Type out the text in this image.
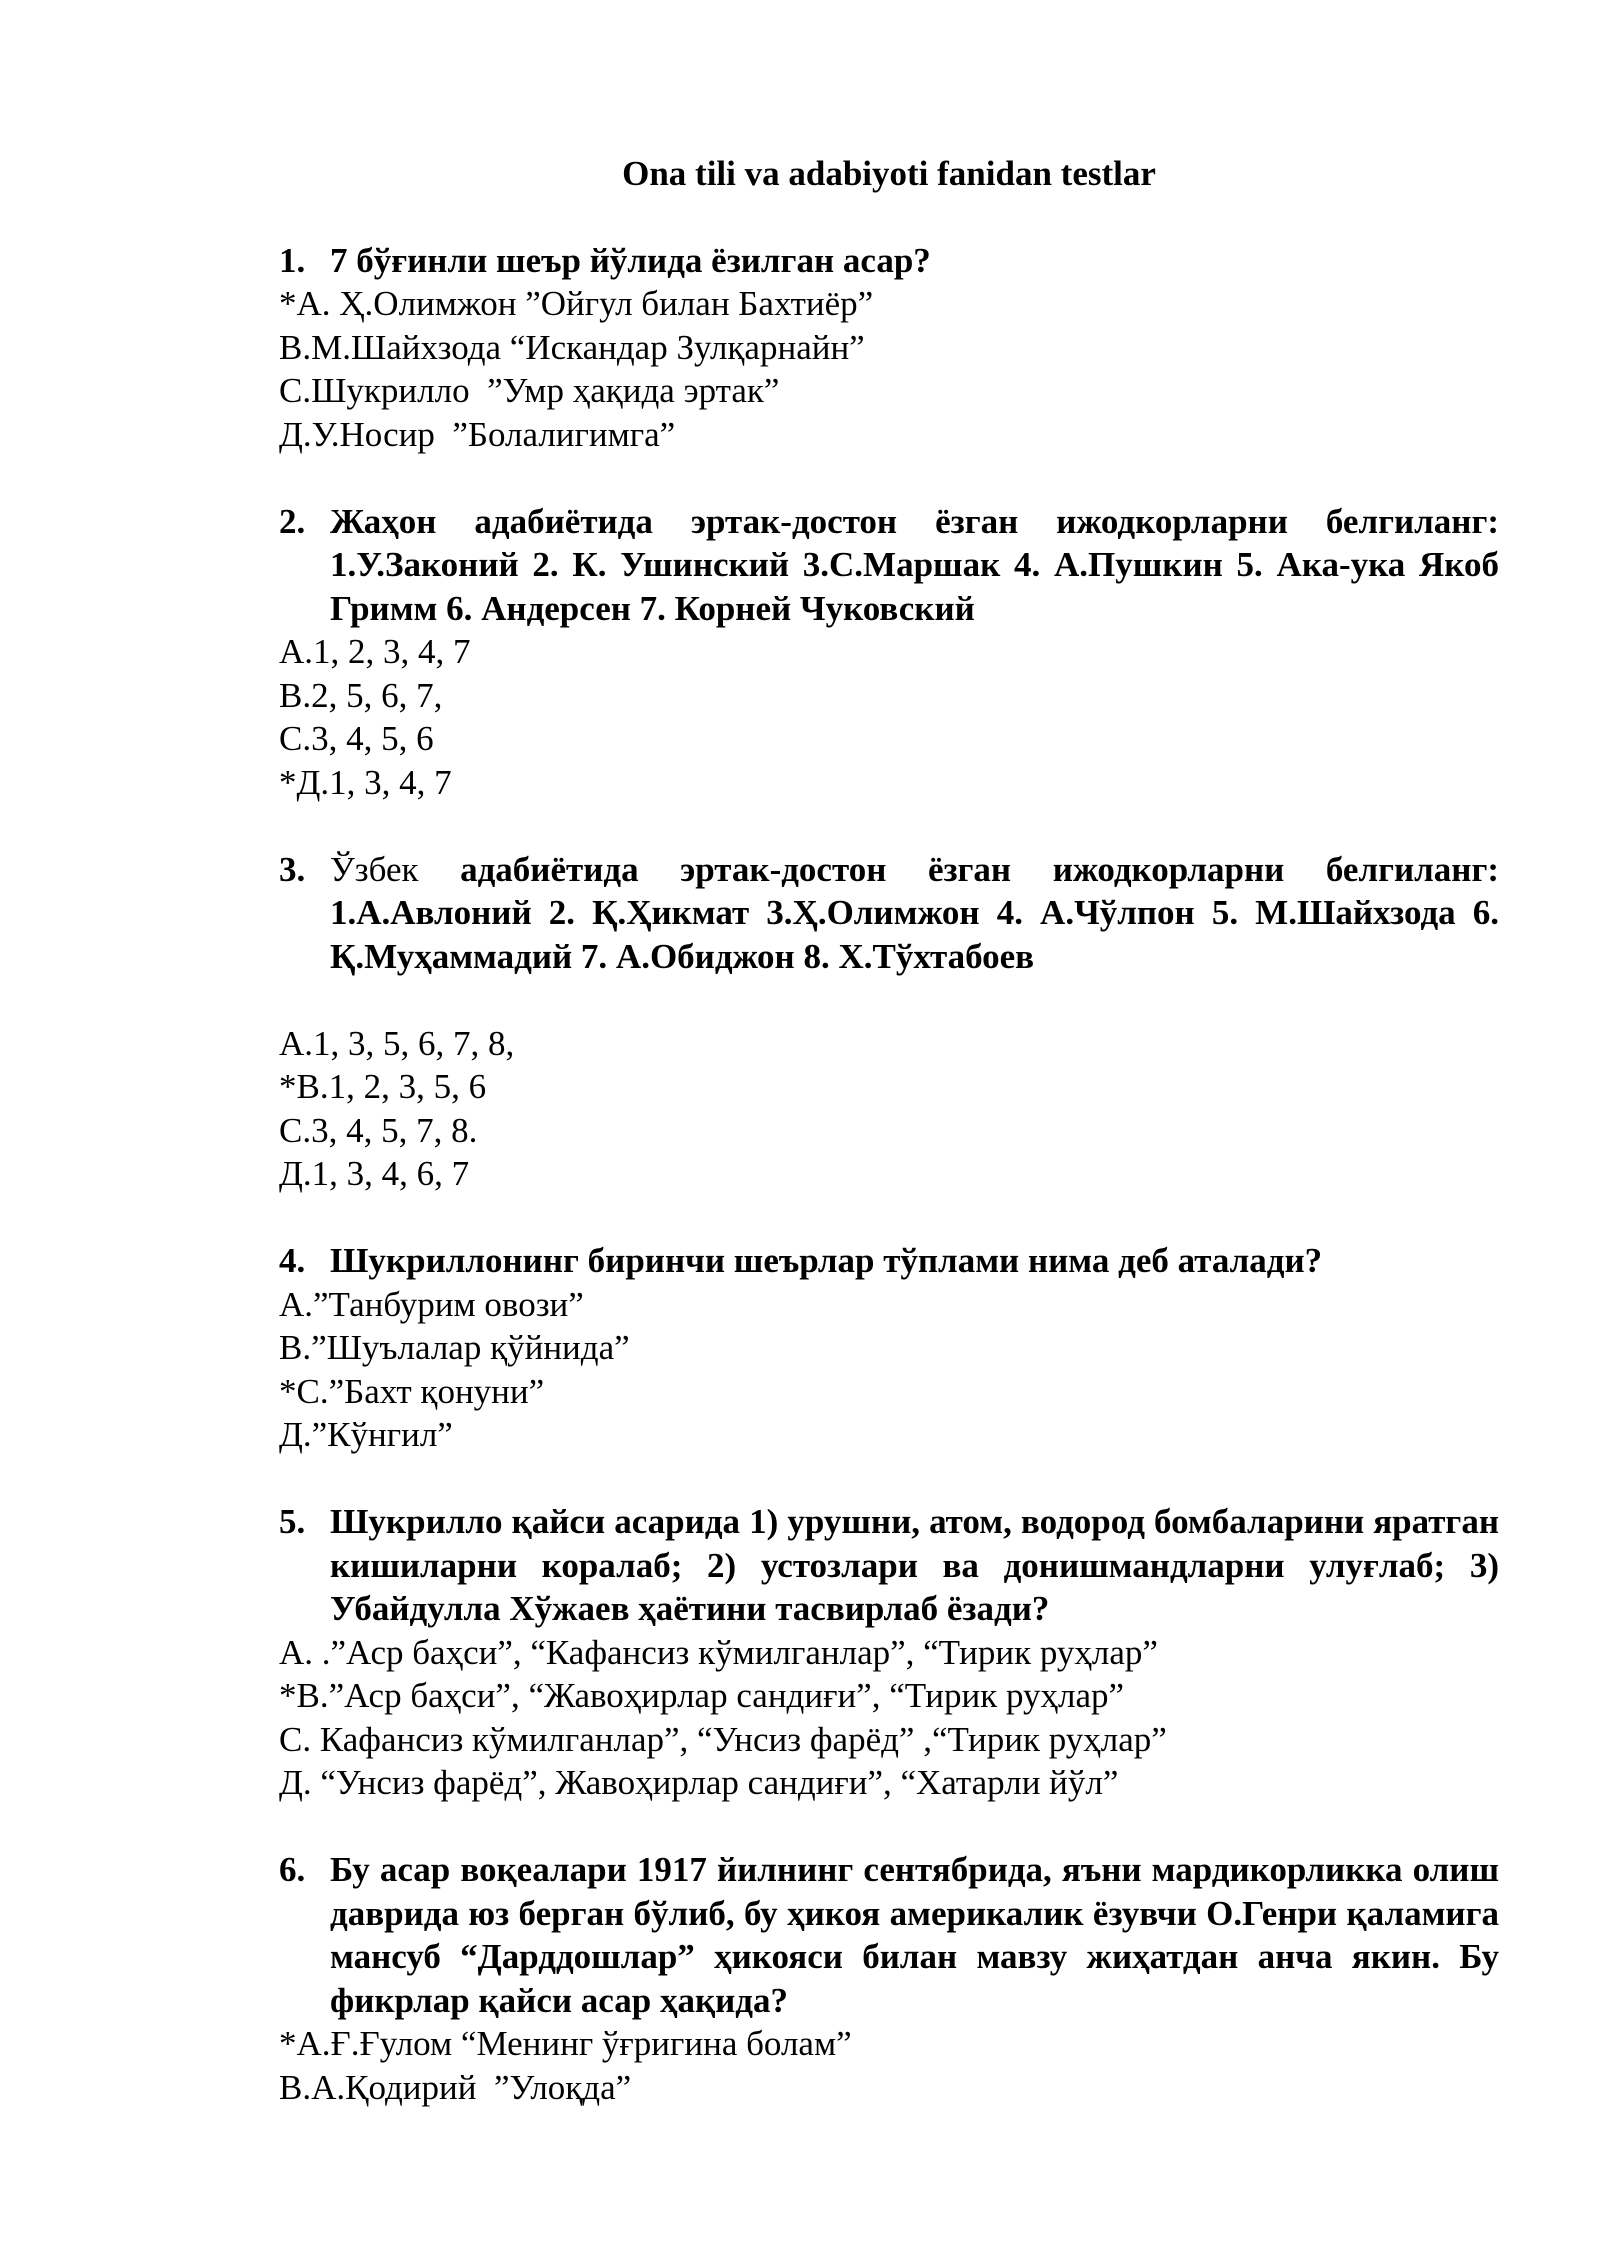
Ona tili va adabiyoti fanidan testlar
1. 7 бўғинли шеър йўлида ёзилган асар?
*А. Ҳ.Олимжон ”Ойгул билан Бахтиёр”
В.М.Шайхзода “Искандар Зулқарнайн”
С.Шукрилло  ”Умр ҳақида эртак”
Д.У.Носир  ”Болалигимга”
2. Жаҳон адабиётида эртак-достон ёзган ижодкорларни белгиланг: 1.У.Законий 2. К. Ушинский 3.С.Маршак 4. А.Пушкин 5. Ака-ука Якоб Гримм 6. Андерсен 7. Корней Чуковский
А.1, 2, 3, 4, 7
В.2, 5, 6, 7,
С.3, 4, 5, 6
*Д.1, 3, 4, 7
3. Ўзбек адабиётида эртак-достон ёзган ижодкорларни белгиланг: 1.А.Авлоний 2. Қ.Ҳикмат 3.Ҳ.Олимжон 4. А.Чўлпон 5. М.Шайхзода 6. Қ.Муҳаммадий 7. А.Обиджон 8. Х.Тўхтабоев
А.1, 3, 5, 6, 7, 8,
*В.1, 2, 3, 5, 6
С.3, 4, 5, 7, 8.
Д.1, 3, 4, 6, 7
4. Шукриллонинг биринчи шеърлар тўплами нима деб аталади?
А.”Танбурим овози”
В.”Шуълалар қўйнида”
*С.”Бахт қонуни”
Д.”Кўнгил”
5. Шукрилло қайси асарида 1) урушни, атом, водород бомбаларини яратган кишиларни коралаб; 2) устозлари ва донишмандларни улуғлаб; 3) Убайдулла Хўжаев ҳаётини тасвирлаб ёзади?
А. .”Аср баҳси”, “Кафансиз кўмилганлар”, “Тирик руҳлар”
*В.”Аср баҳси”, “Жавоҳирлар сандиғи”, “Тирик руҳлар”
С. Кафансиз кўмилганлар”, “Унсиз фарёд” ,“Тирик руҳлар”
Д. “Унсиз фарёд”, Жавоҳирлар сандиғи”, “Хатарли йўл”
6. Бу асар воқеалари 1917 йилнинг сентябрида, яъни мардикорликка олиш даврида юз берган бўлиб, бу ҳикоя америкалик ёзувчи О.Генри қаламига мансуб “Дарддошлар” ҳикояси билан мавзу жиҳатдан анча якин. Бу фикрлар қайси асар ҳақида?
*А.Ғ.Ғулом “Менинг ўғригина болам”
В.А.Қодирий  ”Улоқда”
